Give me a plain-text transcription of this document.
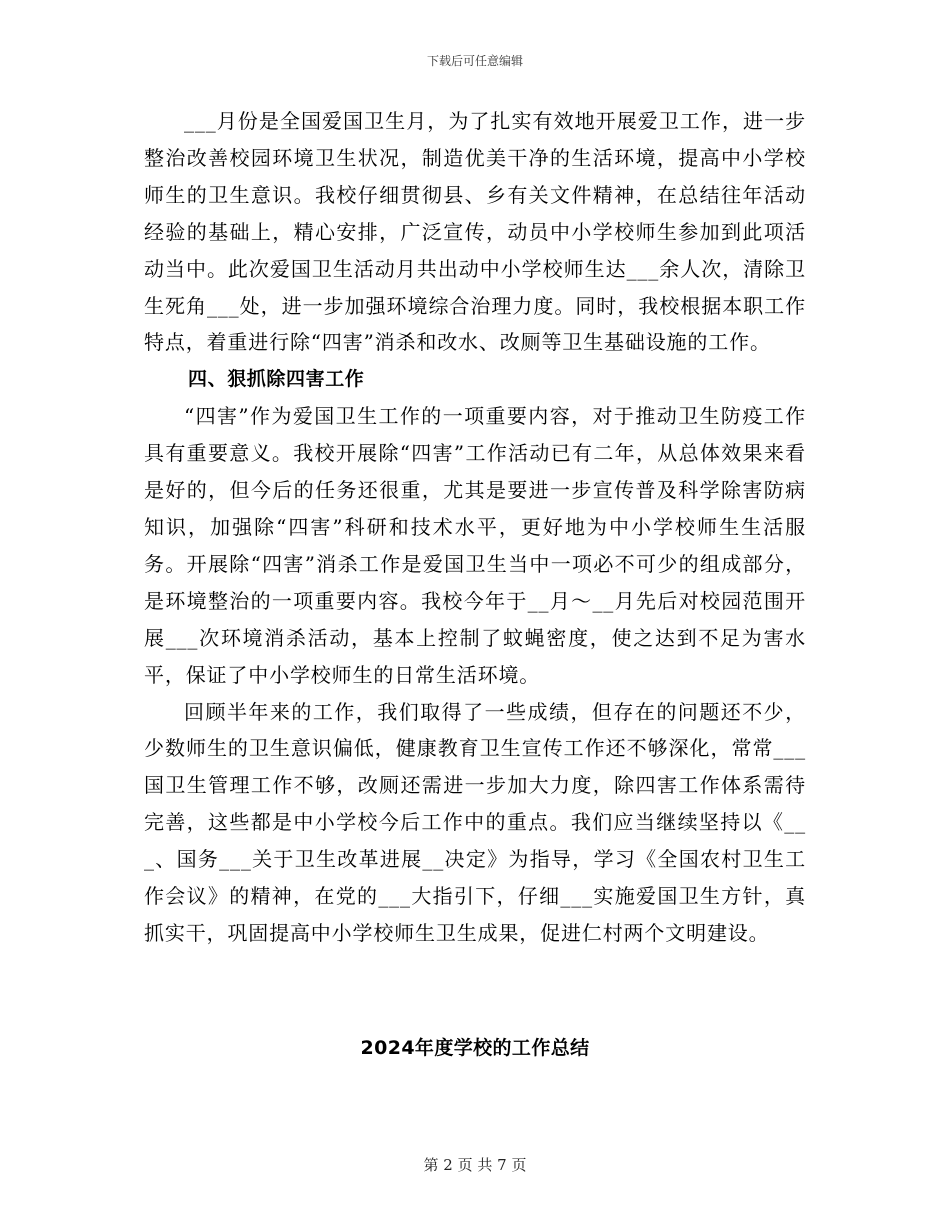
下载后可任意编辑

___月份是全国爱国卫生月，为了扎实有效地开展爱卫工作，进一步整治改善校园环境卫生状况，制造优美干净的生活环境，提高中小学校师生的卫生意识。我校仔细贯彻县、乡有关文件精神，在总结往年活动经验的基础上，精心安排，广泛宣传，动员中小学校师生参加到此项活动当中。此次爱国卫生活动月共出动中小学校师生达___余人次，清除卫生死角___处，进一步加强环境综合治理力度。同时，我校根据本职工作特点，着重进行除“四害”消杀和改水、改厕等卫生基础设施的工作。

四、狠抓除四害工作

“四害”作为爱国卫生工作的一项重要内容，对于推动卫生防疫工作具有重要意义。我校开展除“四害”工作活动已有二年，从总体效果来看是好的，但今后的任务还很重，尤其是要进一步宣传普及科学除害防病知识，加强除“四害”科研和技术水平，更好地为中小学校师生生活服务。开展除“四害”消杀工作是爱国卫生当中一项必不可少的组成部分，是环境整治的一项重要内容。我校今年于__月～__月先后对校园范围开展___次环境消杀活动，基本上控制了蚊蝇密度，使之达到不足为害水平，保证了中小学校师生的日常生活环境。

回顾半年来的工作，我们取得了一些成绩，但存在的问题还不少，少数师生的卫生意识偏低，健康教育卫生宣传工作还不够深化，常常___国卫生管理工作不够，改厕还需进一步加大力度，除四害工作体系需待完善，这些都是中小学校今后工作中的重点。我们应当继续坚持以《___、国务___关于卫生改革进展__决定》为指导，学习《全国农村卫生工作会议》的精神，在党的___大指引下，仔细___实施爱国卫生方针，真抓实干，巩固提高中小学校师生卫生成果，促进仁村两个文明建设。

2024年度学校的工作总结
第 2 页 共 7 页
